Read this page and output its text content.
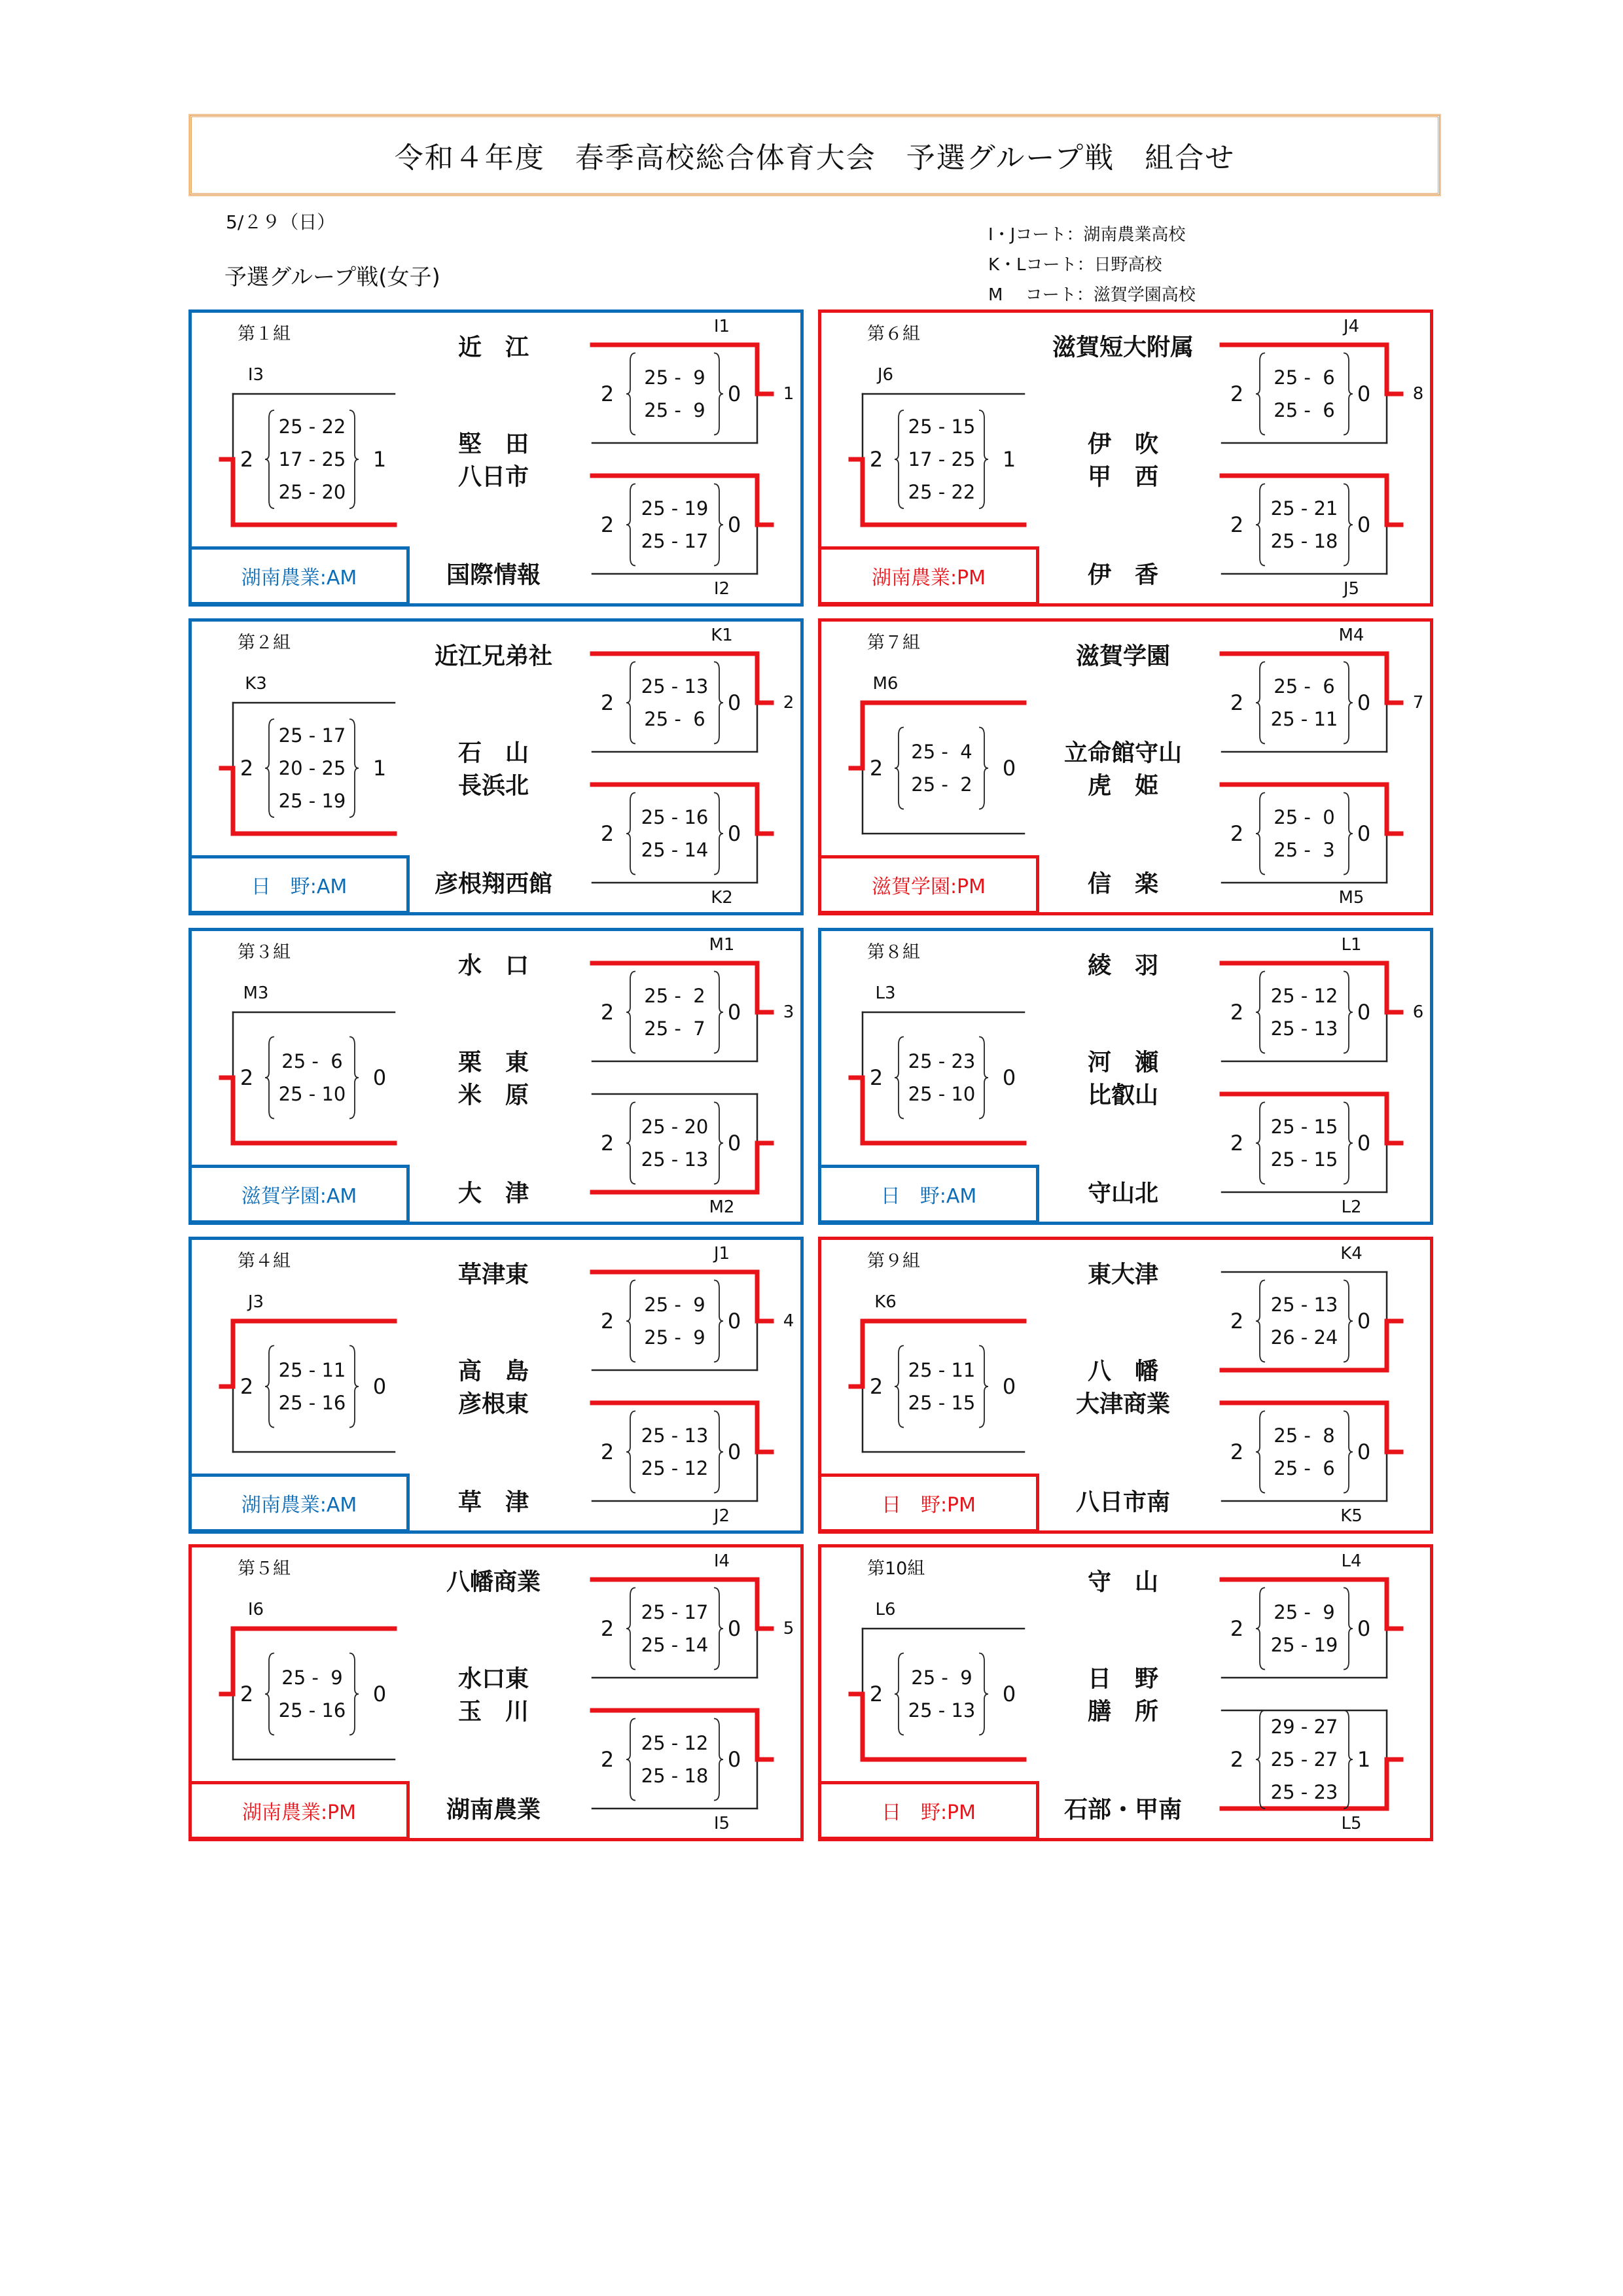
令和４年度　春季高校総合体育大会　予選グループ戦　組合せ
5/２９（日）
予選グループ戦(女子)
I・Jコート：湖南農業高校
K・Lコート：日野高校
M　 コート：滋賀学園高校
第１組
I3
I1
I2
近　江
堅　田
八日市
国際情報
2	1
25 - 22
17 - 25
25 - 20
2	0
25 -  9
25 -  9
2	0
25 - 19
25 - 17
1
湖南農業:AM
第２組
K3
K1
K2
近江兄弟社
石　山
長浜北
彦根翔西館
2	1
25 - 17
20 - 25
25 - 19
2	0
25 - 13
25 -  6
2	0
25 - 16
25 - 14
2
日　野:AM
第３組
M3
M1
M2
水　口
栗　東
米　原
大　津
2	0
25 -  6
25 - 10
2	0
25 -  2
25 -  7
2	0
25 - 20
25 - 13
3
滋賀学園:AM
第４組
J3
J1
J2
草津東
高　島
彦根東
草　津
2	0
25 - 11
25 - 16
2	0
25 -  9
25 -  9
2	0
25 - 13
25 - 12
4
湖南農業:AM
第５組
I6
I4
I5
八幡商業
水口東
玉　川
湖南農業
2	0
25 -  9
25 - 16
2	0
25 - 17
25 - 14
2	0
25 - 12
25 - 18
5
湖南農業:PM
第６組
J6
J4
J5
滋賀短大附属
伊　吹
甲　西
伊　香
2	1
25 - 15
17 - 25
25 - 22
2	0
25 -  6
25 -  6
2	0
25 - 21
25 - 18
8
湖南農業:PM
第７組
M6
M4
M5
滋賀学園
立命館守山
虎　姫
信　楽
2	0
25 -  4
25 -  2
2	0
25 -  6
25 - 11
2	0
25 -  0
25 -  3
7
滋賀学園:PM
第８組
L3
L1
L2
綾　羽
河　瀬
比叡山
守山北
2	0
25 - 23
25 - 10
2	0
25 - 12
25 - 13
2	0
25 - 15
25 - 15
6
日　野:AM
第９組
K6
K4
K5
東大津
八　幡
大津商業
八日市南
2	0
25 - 11
25 - 15
2	0
25 - 13
26 - 24
2	0
25 -  8
25 -  6
日　野:PM
第10組
L6
L4
L5
守　山
日　野
膳　所
石部・甲南
2	0
25 -  9
25 - 13
2	0
25 -  9
25 - 19
2	1
29 - 27
25 - 27
25 - 23
日　野:PM
